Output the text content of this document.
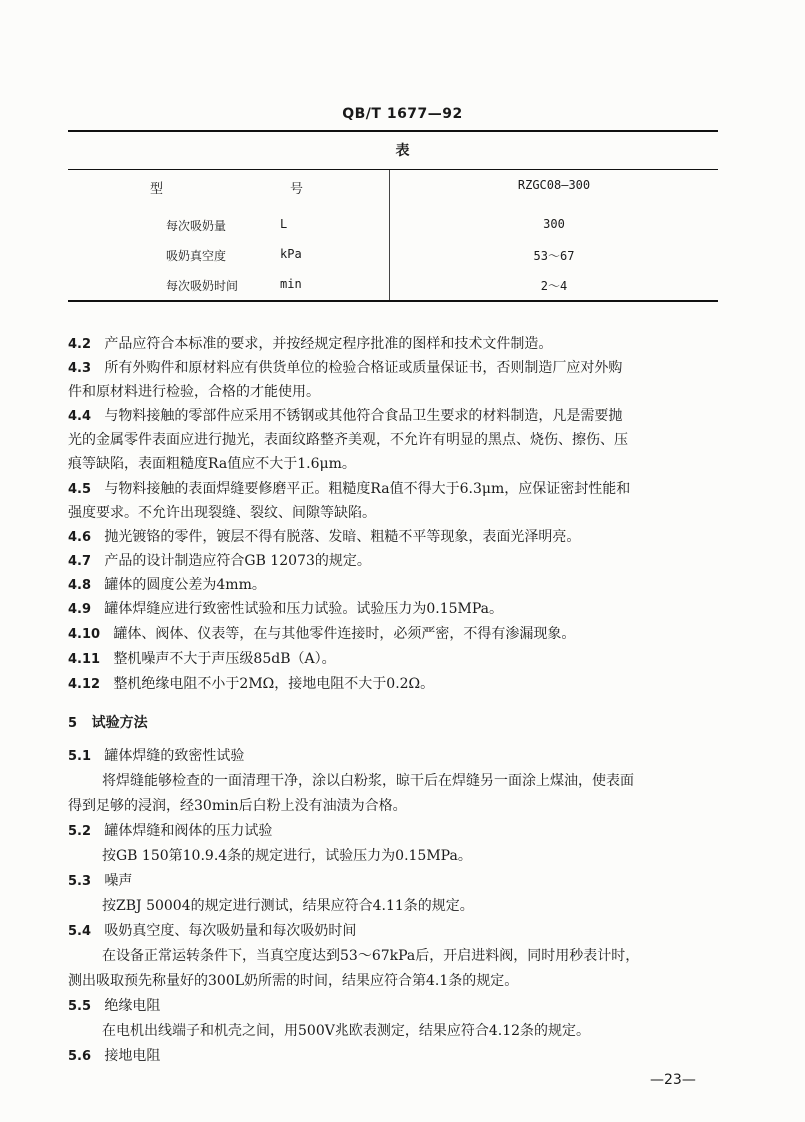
QB/T 1677—92
表
型	号	RZGC08—300
每次吸奶量	L	300
吸奶真空度	kPa	53～67
每次吸奶时间	min	2～4
4.2 产品应符合本标准的要求，并按经规定程序批准的图样和技术文件制造。
4.3 所有外购件和原材料应有供货单位的检验合格证或质量保证书，否则制造厂应对外购
件和原材料进行检验，合格的才能使用。
4.4 与物料接触的零部件应采用不锈钢或其他符合食品卫生要求的材料制造，凡是需要抛
光的金属零件表面应进行抛光，表面纹路整齐美观，不允许有明显的黑点、烧伤、擦伤、压
痕等缺陷，表面粗糙度Ra值应不大于1.6μm。
4.5 与物料接触的表面焊缝要修磨平正。粗糙度Ra值不得大于6.3μm，应保证密封性能和
强度要求。不允许出现裂缝、裂纹、间隙等缺陷。
4.6 抛光镀铬的零件，镀层不得有脱落、发暗、粗糙不平等现象，表面光泽明亮。
4.7 产品的设计制造应符合GB 12073的规定。
4.8 罐体的圆度公差为4mm。
4.9 罐体焊缝应进行致密性试验和压力试验。试验压力为0.15MPa。
4.10 罐体、阀体、仪表等，在与其他零件连接时，必须严密，不得有渗漏现象。
4.11 整机噪声不大于声压级85dB（A）。
4.12 整机绝缘电阻不小于2MΩ，接地电阻不大于0.2Ω。
5 试验方法
5.1 罐体焊缝的致密性试验
将焊缝能够检查的一面清理干净，涂以白粉浆，晾干后在焊缝另一面涂上煤油，使表面
得到足够的浸润，经30min后白粉上没有油渍为合格。
5.2 罐体焊缝和阀体的压力试验
按GB 150第10.9.4条的规定进行，试验压力为0.15MPa。
5.3 噪声
按ZBJ 50004的规定进行测试，结果应符合4.11条的规定。
5.4 吸奶真空度、每次吸奶量和每次吸奶时间
在设备正常运转条件下，当真空度达到53～67kPa后，开启进料阀，同时用秒表计时，
测出吸取预先称量好的300L奶所需的时间，结果应符合第4.1条的规定。
5.5 绝缘电阻
在电机出线端子和机壳之间，用500V兆欧表测定，结果应符合4.12条的规定。
5.6 接地电阻
—23—
